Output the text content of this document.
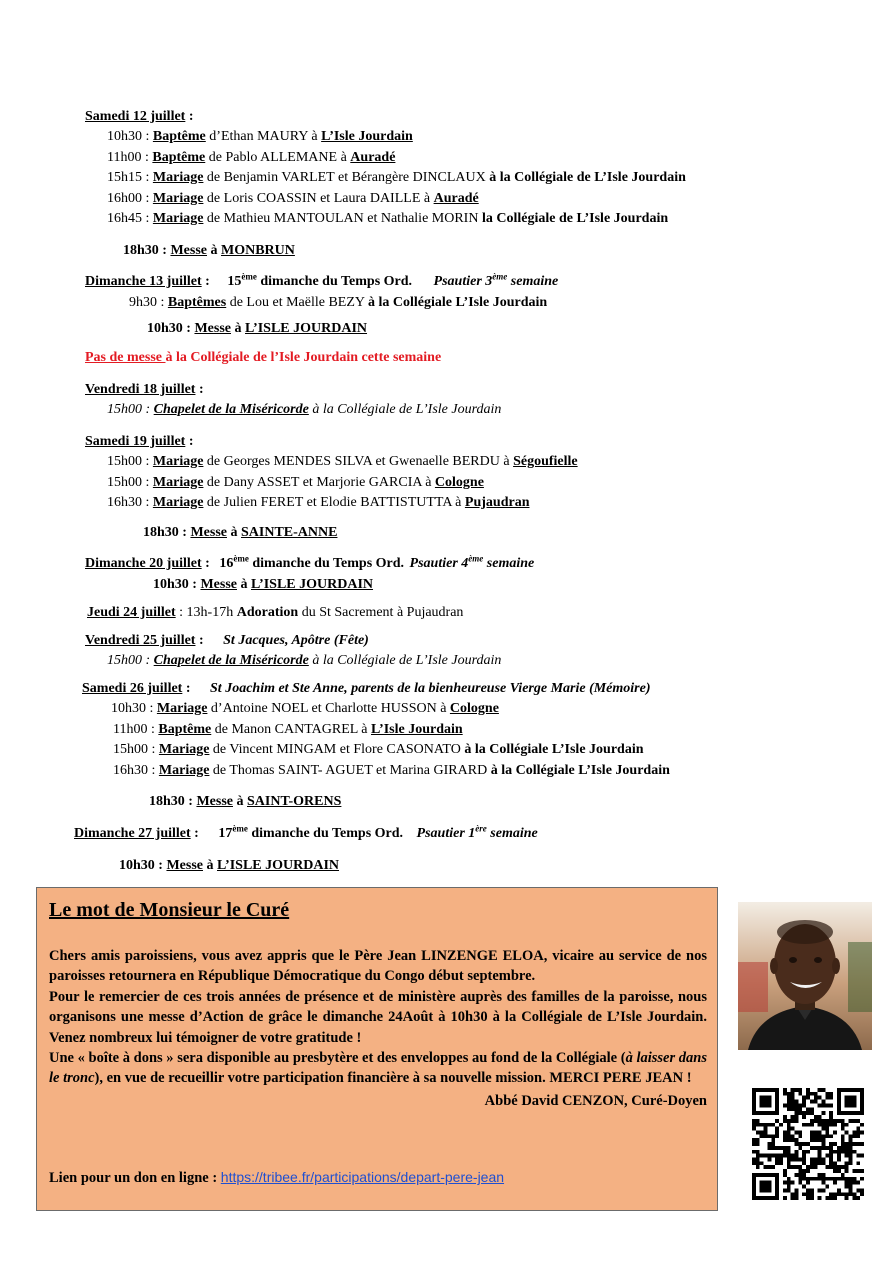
Samedi 12 juillet :
10h30 : Baptême d’Ethan MAURY à L’Isle Jourdain
11h00 : Baptême de Pablo ALLEMANE à Auradé
15h15 : Mariage de Benjamin VARLET et Bérangère DINCLAUX à la Collégiale de L’Isle Jourdain
16h00 : Mariage de Loris COASSIN et Laura DAILLE à Auradé
16h45 : Mariage de Mathieu MANTOULAN et Nathalie MORIN la Collégiale de L’Isle Jourdain
18h30 : Messe à MONBRUN
Dimanche 13 juillet : 15ème dimanche du Temps Ord. Psautier 3ème semaine
9h30 : Baptêmes de Lou et Maëlle BEZY à la Collégiale L’Isle Jourdain
10h30 : Messe à L’ISLE JOURDAIN
Pas de messe à la Collégiale de l’Isle Jourdain cette semaine
Vendredi 18 juillet :
15h00 : Chapelet de la Miséricorde à la Collégiale de L’Isle Jourdain
Samedi 19 juillet :
15h00 : Mariage de Georges MENDES SILVA et Gwenaelle BERDU à Ségoufielle
15h00 : Mariage de Dany ASSET et Marjorie GARCIA à Cologne
16h30 : Mariage de Julien FERET et Elodie BATTISTUTTA à Pujaudran
18h30 : Messe à SAINTE-ANNE
Dimanche 20 juillet : 16ème dimanche du Temps Ord. Psautier 4ème semaine
10h30 : Messe à L’ISLE JOURDAIN
Jeudi 24 juillet : 13h-17h Adoration du St Sacrement à Pujaudran
Vendredi 25 juillet : St Jacques, Apôtre (Fête)
15h00 : Chapelet de la Miséricorde à la Collégiale de L’Isle Jourdain
Samedi 26 juillet : St Joachim et Ste Anne, parents de la bienheureuse Vierge Marie (Mémoire)
10h30 : Mariage d’Antoine NOEL et Charlotte HUSSON à Cologne
11h00 : Baptême de Manon CANTAGREL à L’Isle Jourdain
15h00 : Mariage de Vincent MINGAM et Flore CASONATO à la Collégiale L’Isle Jourdain
16h30 : Mariage de Thomas SAINT- AGUET et Marina GIRARD à la Collégiale L’Isle Jourdain
18h30 : Messe à SAINT-ORENS
Dimanche 27 juillet : 17ème dimanche du Temps Ord. Psautier 1ère semaine
10h30 : Messe à L’ISLE JOURDAIN
Le mot de Monsieur le Curé

Chers amis paroissiens, vous avez appris que le Père Jean LINZENGE ELOA, vicaire au service de nos paroisses retournera en République Démocratique du Congo début septembre.

Pour le remercier de ces trois années de présence et de ministère auprès des familles de la paroisse, nous organisons une messe d’Action de grâce le dimanche 24Août à 10h30 à la Collégiale de L’Isle Jourdain. Venez nombreux lui témoigner de votre gratitude !

Une « boîte à dons » sera disponible au presbytère et des enveloppes au fond de la Collégiale (à laisser dans le tronc), en vue de recueillir votre participation financière à sa nouvelle mission. MERCI PERE JEAN !

Abbé David CENZON, Curé-Doyen

Lien pour un don en ligne : https://tribee.fr/participations/depart-pere-jean
